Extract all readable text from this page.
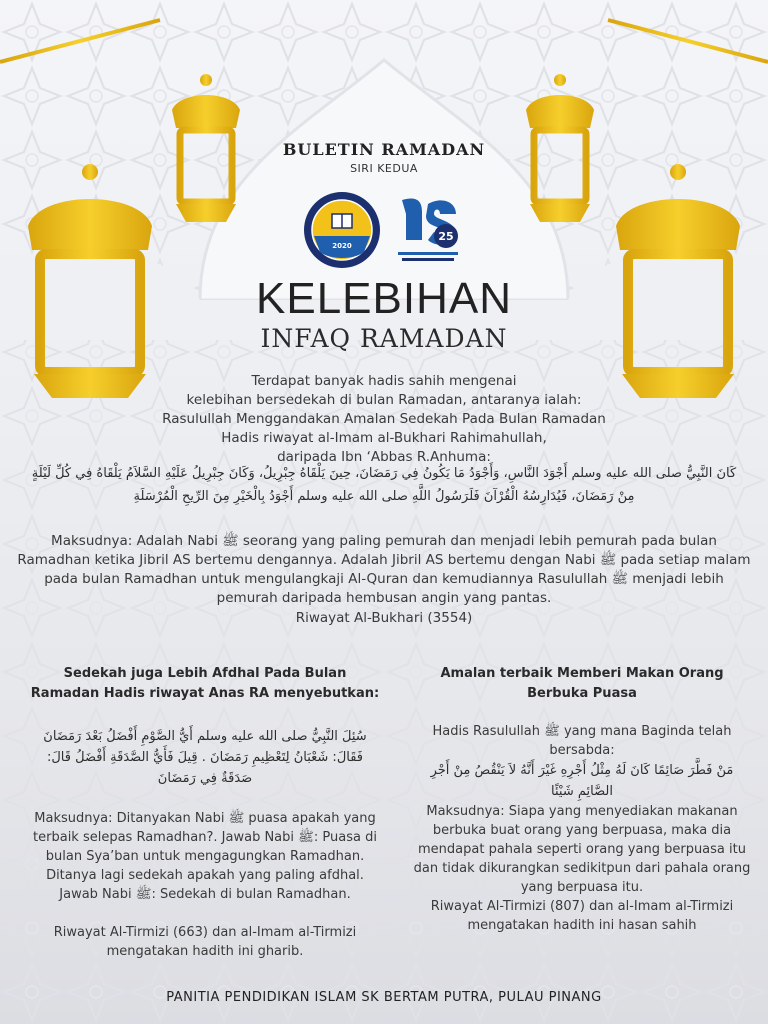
BULETIN RAMADAN
SIRI KEDUA
2020
25
KELEBIHAN
INFAQ RAMADAN
Terdapat banyak hadis sahih mengenai
kelebihan bersedekah di bulan Ramadan, antaranya ialah:
Rasulullah Menggandakan Amalan Sedekah Pada Bulan Ramadan
Hadis riwayat al-Imam al-Bukhari Rahimahullah,
daripada Ibn ‘Abbas R.Anhuma:
كَانَ النَّبِيُّ صلى الله عليه وسلم أَجْوَدَ النَّاسِ، وَأَجْوَدُ مَا يَكُونُ فِي رَمَضَانَ، حِينَ يَلْقَاهُ جِبْرِيلُ، وَكَانَ جِبْرِيلُ عَلَيْهِ السَّلاَمُ يَلْقَاهُ فِي كُلِّ لَيْلَةٍ مِنْ رَمَضَانَ، فَيُدَارِسُهُ الْقُرْآنَ فَلَرَسُولُ اللَّهِ صلى الله عليه وسلم أَجْوَدُ بِالْخَيْرِ مِنَ الرِّيحِ الْمُرْسَلَةِ
Maksudnya: Adalah Nabi ﷺ seorang yang paling pemurah dan menjadi lebih pemurah pada bulan Ramadhan ketika Jibril AS bertemu dengannya. Adalah Jibril AS bertemu dengan Nabi ﷺ pada setiap malam pada bulan Ramadhan untuk mengulangkaji Al-Quran dan kemudiannya Rasulullah ﷺ menjadi lebih pemurah daripada hembusan angin yang pantas.
Riwayat Al-Bukhari (3554)
Sedekah juga Lebih Afdhal Pada Bulan Ramadan Hadis riwayat Anas RA menyebutkan:
سُئِلَ النَّبِيُّ صلى الله عليه وسلم أَيُّ الصَّوْمِ أَفْضَلُ بَعْدَ رَمَضَانَ فَقَالَ: شَعْبَانُ لِتَعْظِيمِ رَمَضَانَ . قِيلَ فَأَيُّ الصَّدَقَةِ أَفْضَلُ قَالَ: صَدَقَةٌ فِي رَمَضَانَ
Maksudnya: Ditanyakan Nabi ﷺ puasa apakah yang terbaik selepas Ramadhan?. Jawab Nabi ﷺ: Puasa di bulan Sya’ban untuk mengagungkan Ramadhan. Ditanya lagi sedekah apakah yang paling afdhal. Jawab Nabi ﷺ: Sedekah di bulan Ramadhan.
Riwayat Al-Tirmizi (663) dan al-Imam al-Tirmizi mengatakan hadith ini gharib.
Amalan terbaik Memberi Makan Orang Berbuka Puasa
Hadis Rasulullah ﷺ yang mana Baginda telah bersabda:
مَنْ فَطَّرَ صَائِمًا كَانَ لَهُ مِثْلُ أَجْرِهِ غَيْرَ أَنَّهُ لاَ يَنْقُصُ مِنْ أَجْرِ الصَّائِمِ شَيْئًا
Maksudnya: Siapa yang menyediakan makanan berbuka buat orang yang berpuasa, maka dia mendapat pahala seperti orang yang berpuasa itu dan tidak dikurangkan sedikitpun dari pahala orang yang berpuasa itu.
Riwayat Al-Tirmizi (807) dan al-Imam al-Tirmizi mengatakan hadith ini hasan sahih
PANITIA PENDIDIKAN ISLAM SK BERTAM PUTRA, PULAU PINANG
